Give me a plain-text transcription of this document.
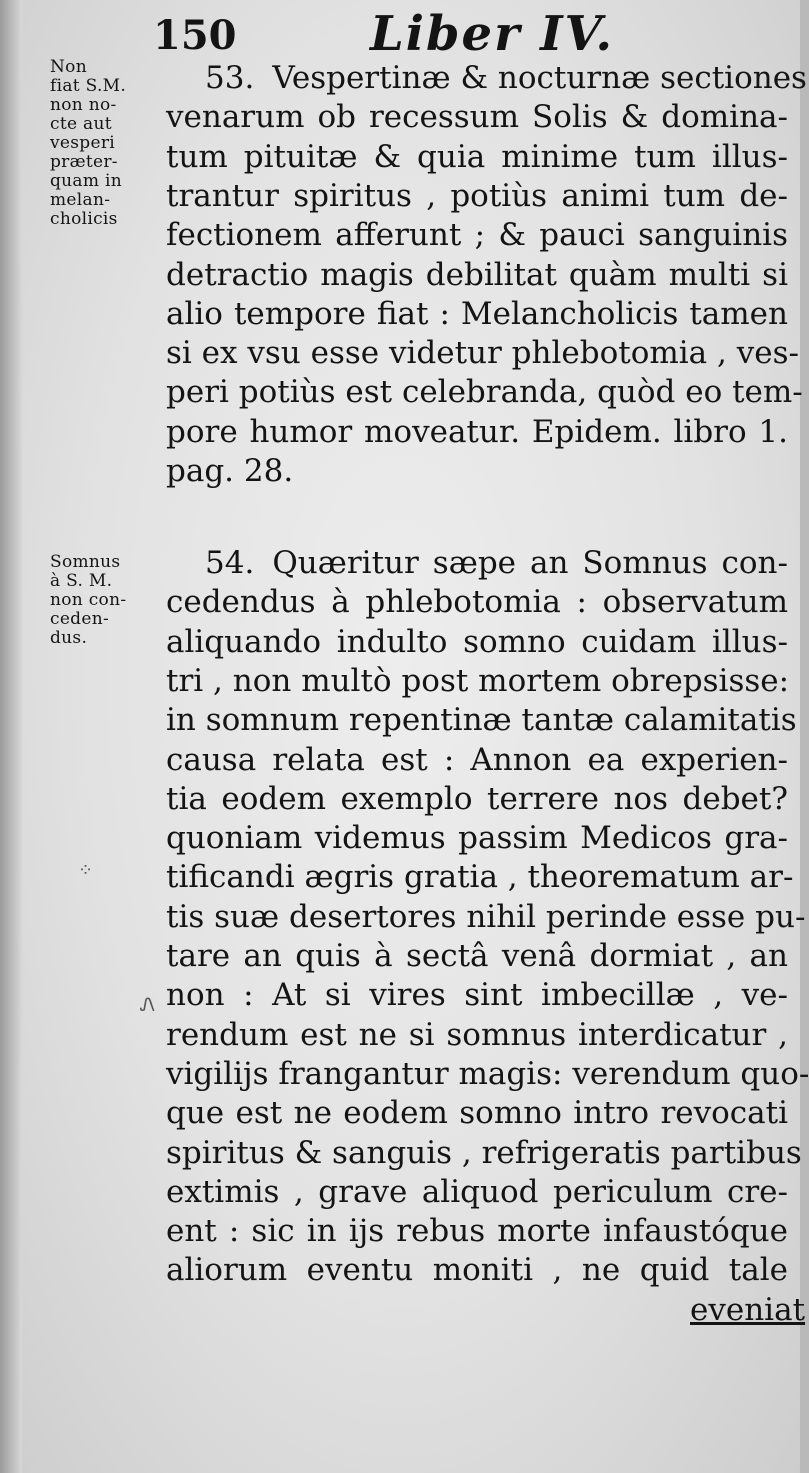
150	Liber IV.
Non
fiat S.M.
non no-
cte aut
vesperi
præter-
quam in
melan-
cholicis
Somnus
à S. M.
non con-
ceden-
dus.
⁘
Ꮑ
53. Vespertinæ & nocturnæ sectiones
venarum ob recessum Solis & domina-
tum pituitæ & quia minime tum illus-
trantur spiritus , potiùs animi tum de-
fectionem afferunt ; & pauci sanguinis
detractio magis debilitat quàm multi si
alio tempore fiat : Melancholicis tamen
si ex vsu esse videtur phlebotomia , ves-
peri potiùs est celebranda, quòd eo tem-
pore humor moveatur. Epidem. libro 1.
pag. 28.
54. Quæritur sæpe an Somnus con-
cedendus à phlebotomia : observatum
aliquando indulto somno cuidam illus-
tri , non multò post mortem obrepsisse:
in somnum repentinæ tantæ calamitatis
causa relata est : Annon ea experien-
tia eodem exemplo terrere nos debet?
quoniam videmus passim Medicos gra-
tificandi ægris gratia , theorematum ar-
tis suæ desertores nihil perinde esse pu-
tare an quis à sectâ venâ dormiat , an
non : At si vires sint imbecillæ , ve-
rendum est ne si somnus interdicatur ,
vigilijs frangantur magis: verendum quo-
que est ne eodem somno intro revocati
spiritus & sanguis , refrigeratis partibus
extimis , grave aliquod periculum cre-
ent : sic in ijs rebus morte infaustóque
aliorum eventu moniti , ne quid tale
eveniat
